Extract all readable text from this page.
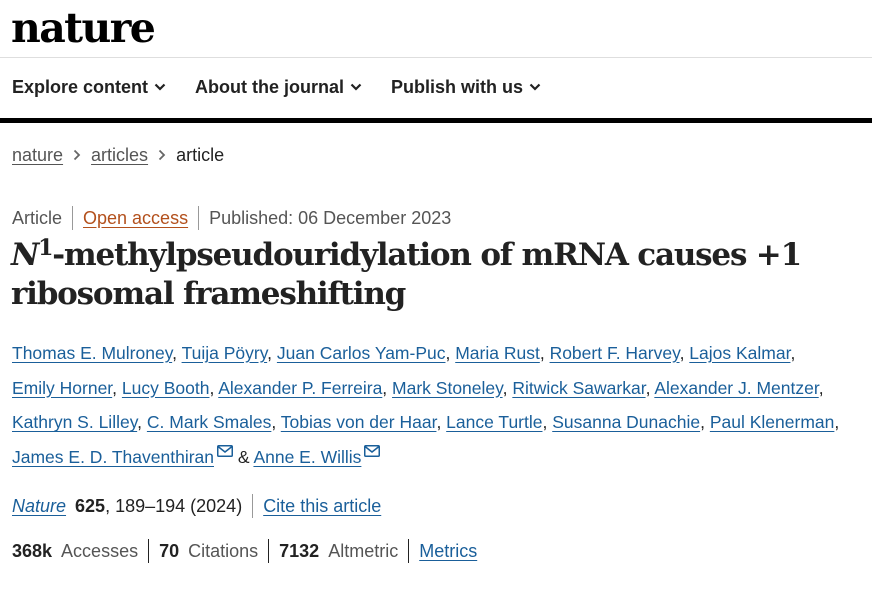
nature
Explore content	About the journal	Publish with us
nature articles article
Article Open access Published: 06 December 2023
$N^1$-methylpseudouridylation of mRNA causes +1
ribosomal frameshifting
Thomas E. Mulroney, Tuija Pöyry, Juan Carlos Yam-Puc, Maria Rust, Robert F. Harvey, Lajos Kalmar,
Emily Horner, Lucy Booth, Alexander P. Ferreira, Mark Stoneley, Ritwick Sawarkar, Alexander J. Mentzer,
Kathryn S. Lilley, C. Mark Smales, Tobias von der Haar, Lance Turtle, Susanna Dunachie, Paul Klenerman, James E. D. Thaventhiran & Anne E. Willis
Nature 625 , 189–194 (2024) Cite this article
368k Accesses 70 Citations 7132 Altmetric Metrics
